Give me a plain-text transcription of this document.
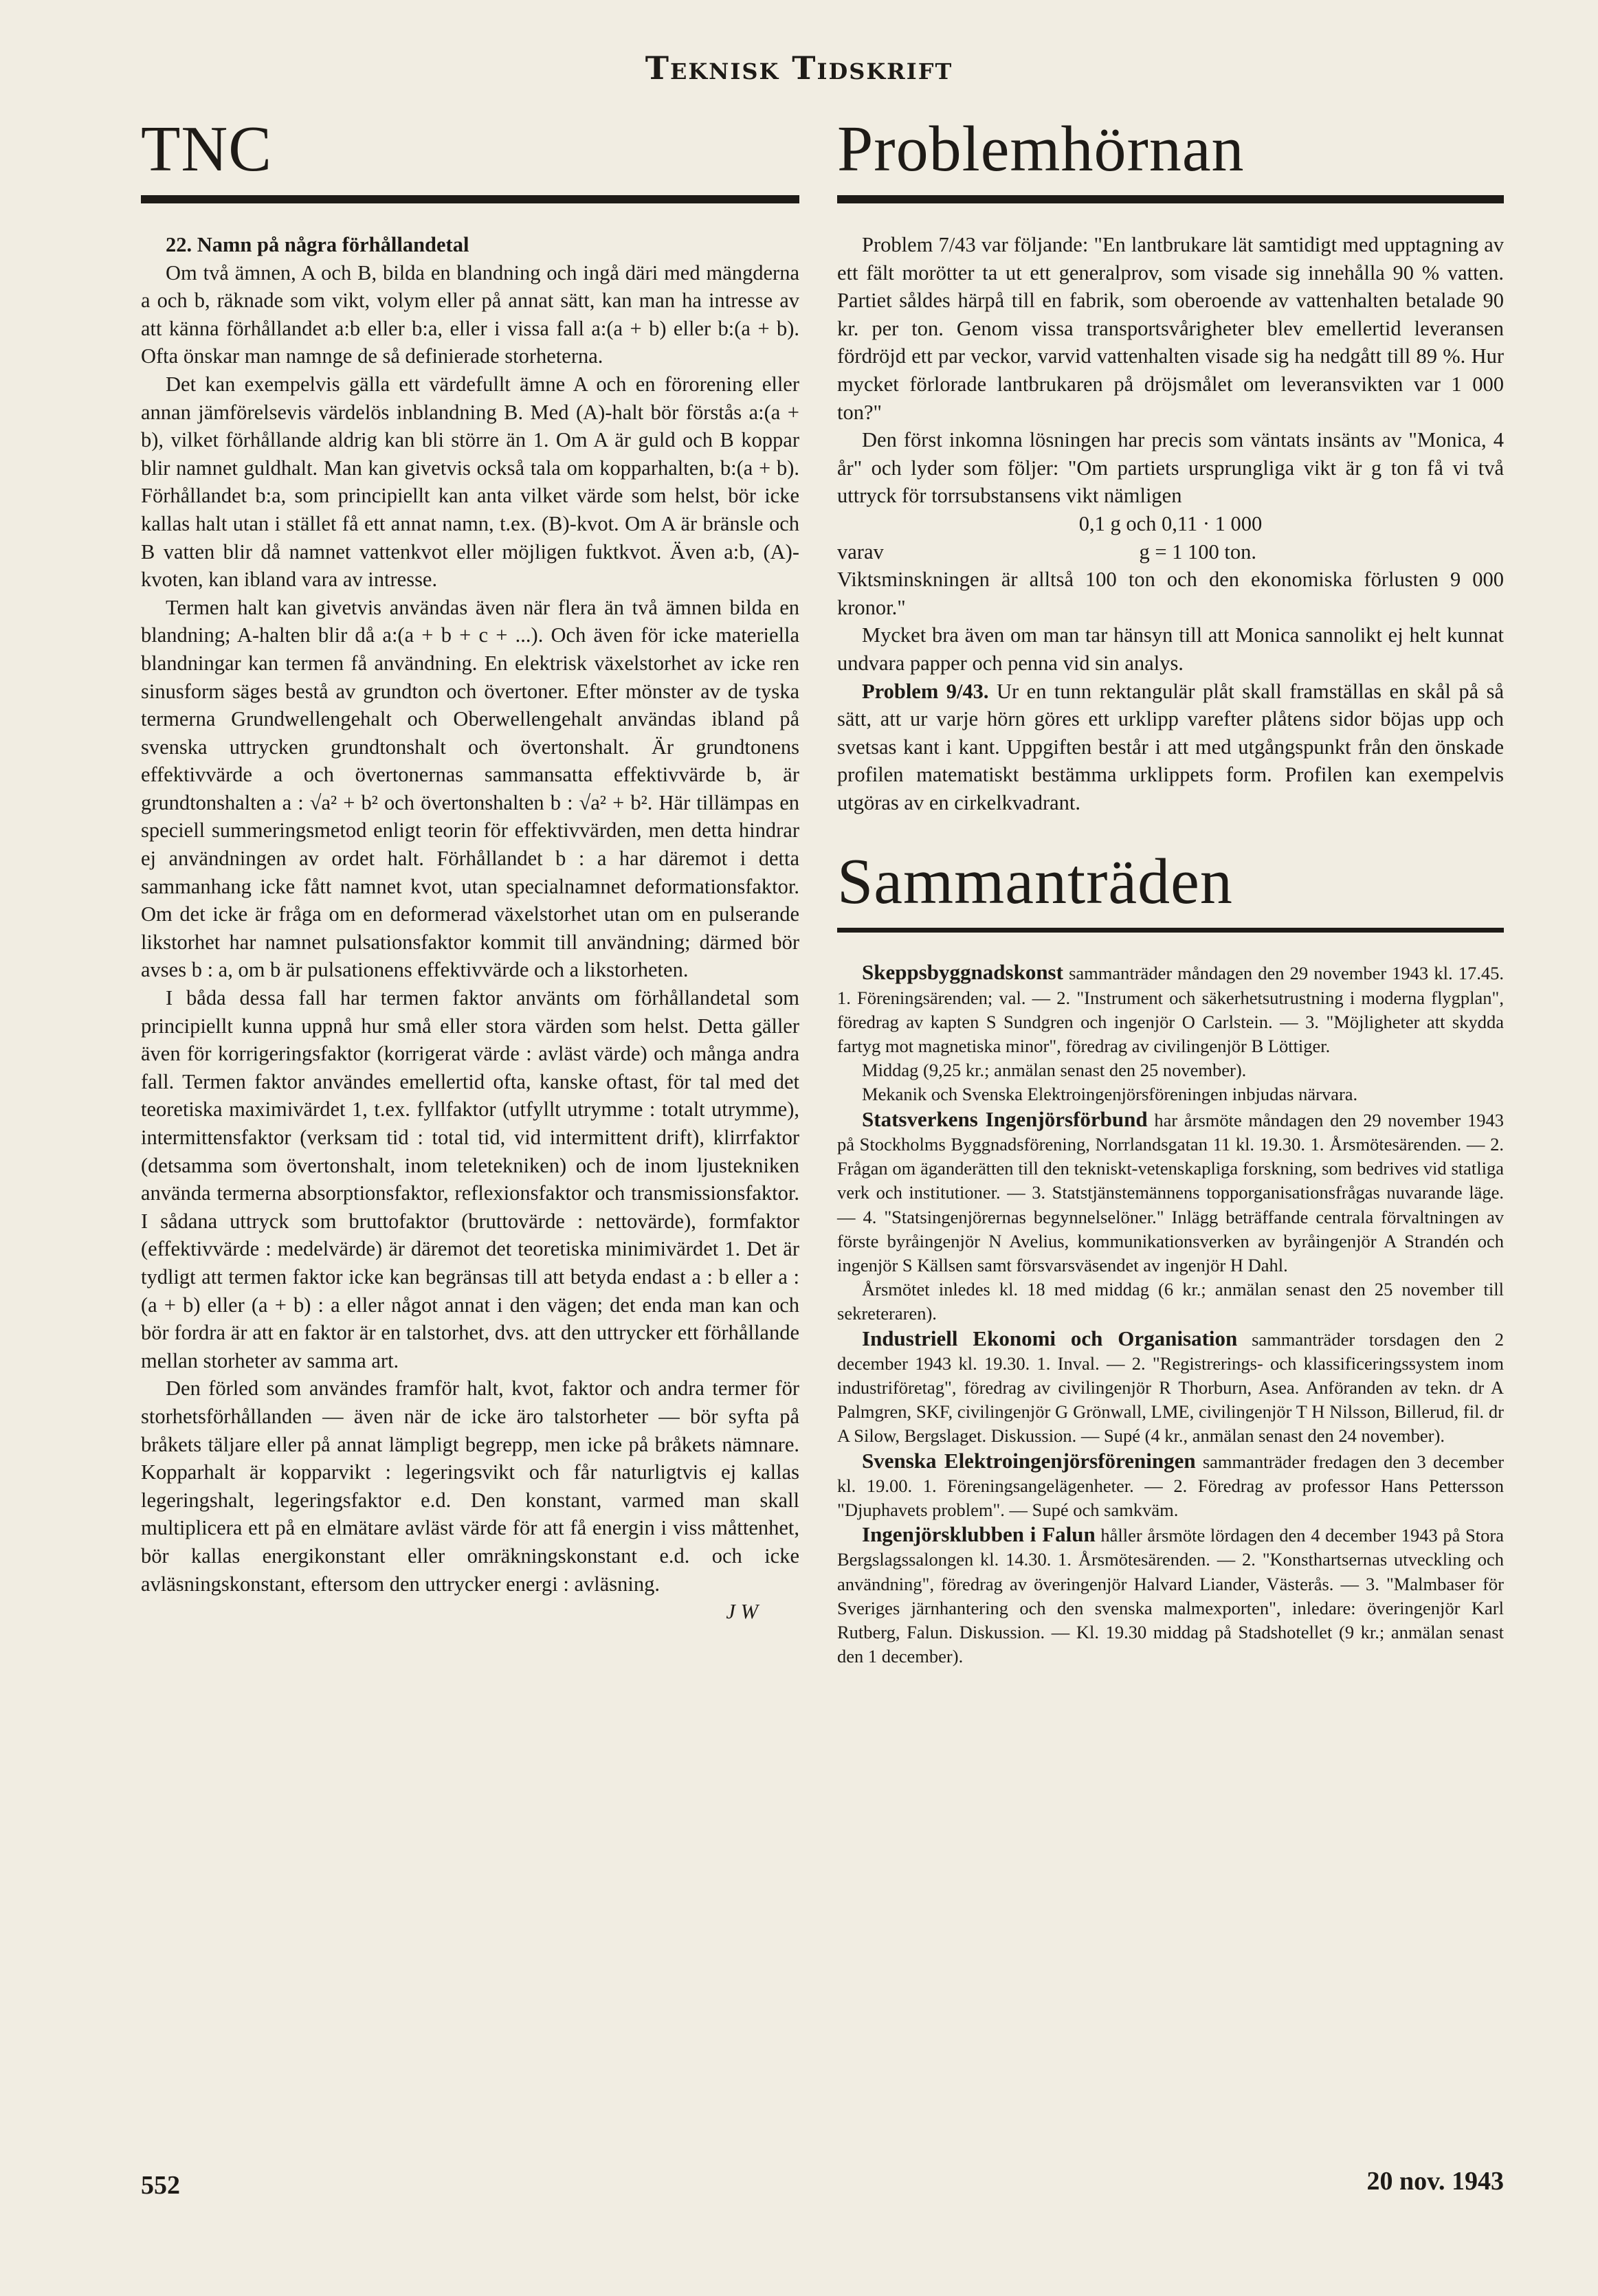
Teknisk Tidskrift
TNC

22. Namn på några förhållandetal

Om två ämnen, A och B, bilda en blandning och ingå däri med mängderna a och b, räknade som vikt, volym eller på annat sätt, kan man ha intresse av att känna förhållandet a:b eller b:a, eller i vissa fall a:(a + b) eller b:(a + b). Ofta önskar man namnge de så definierade storheterna.

Det kan exempelvis gälla ett värdefullt ämne A och en förorening eller annan jämförelsevis värdelös inblandning B. Med (A)-halt bör förstås a:(a + b), vilket förhållande aldrig kan bli större än 1. Om A är guld och B koppar blir namnet guldhalt. Man kan givetvis också tala om kopparhalten, b:(a + b). Förhållandet b:a, som principiellt kan anta vilket värde som helst, bör icke kallas halt utan i stället få ett annat namn, t.ex. (B)-kvot. Om A är bränsle och B vatten blir då namnet vattenkvot eller möjligen fuktkvot. Även a:b, (A)-kvoten, kan ibland vara av intresse.

Termen halt kan givetvis användas även när flera än två ämnen bilda en blandning; A-halten blir då a:(a + b + c + ...). Och även för icke materiella blandningar kan termen få användning. En elektrisk växelstorhet av icke ren sinusform säges bestå av grundton och övertoner. Efter mönster av de tyska termerna Grundwellengehalt och Oberwellengehalt användas ibland på svenska uttrycken grundtonshalt och övertonshalt. Är grundtonens effektivvärde a och övertonernas sammansatta effektivvärde b, är grundtonshalten a : √a² + b² och övertonshalten b : √a² + b². Här tillämpas en speciell summeringsmetod enligt teorin för effektivvärden, men detta hindrar ej användningen av ordet halt. Förhållandet b : a har däremot i detta sammanhang icke fått namnet kvot, utan specialnamnet deformationsfaktor. Om det icke är fråga om en deformerad växelstorhet utan om en pulserande likstorhet har namnet pulsationsfaktor kommit till användning; därmed bör avses b : a, om b är pulsationens effektivvärde och a likstorheten.

I båda dessa fall har termen faktor använts om förhållandetal som principiellt kunna uppnå hur små eller stora värden som helst. Detta gäller även för korrigeringsfaktor (korrigerat värde : avläst värde) och många andra fall. Termen faktor användes emellertid ofta, kanske oftast, för tal med det teoretiska maximivärdet 1, t.ex. fyllfaktor (utfyllt utrymme : totalt utrymme), intermittensfaktor (verksam tid : total tid, vid intermittent drift), klirrfaktor (detsamma som övertonshalt, inom teletekniken) och de inom ljustekniken använda termerna absorptionsfaktor, reflexionsfaktor och transmissionsfaktor. I sådana uttryck som bruttofaktor (bruttovärde : nettovärde), formfaktor (effektivvärde : medelvärde) är däremot det teoretiska minimivärdet 1. Det är tydligt att termen faktor icke kan begränsas till att betyda endast a : b eller a : (a + b) eller (a + b) : a eller något annat i den vägen; det enda man kan och bör fordra är att en faktor är en talstorhet, dvs. att den uttrycker ett förhållande mellan storheter av samma art.

Den förled som användes framför halt, kvot, faktor och andra termer för storhetsförhållanden — även när de icke äro talstorheter — bör syfta på bråkets täljare eller på annat lämpligt begrepp, men icke på bråkets nämnare. Kopparhalt är kopparvikt : legeringsvikt och får naturligtvis ej kallas legeringshalt, legeringsfaktor e.d. Den konstant, varmed man skall multiplicera ett på en elmätare avläst värde för att få energin i viss måttenhet, bör kallas energikonstant eller omräkningskonstant e.d. och icke avläsningskonstant, eftersom den uttrycker energi : avläsning.

J W

Problemhörnan

Problem 7/43 var följande: "En lantbrukare lät samtidigt med upptagning av ett fält morötter ta ut ett generalprov, som visade sig innehålla 90 % vatten. Partiet såldes härpå till en fabrik, som oberoende av vattenhalten betalade 90 kr. per ton. Genom vissa transportsvårigheter blev emellertid leveransen fördröjd ett par veckor, varvid vattenhalten visade sig ha nedgått till 89 %. Hur mycket förlorade lantbrukaren på dröjsmålet om leveransvikten var 1 000 ton?"

Den först inkomna lösningen har precis som väntats insänts av "Monica, 4 år" och lyder som följer: "Om partiets ursprungliga vikt är g ton få vi två uttryck för torrsubstansens vikt nämligen

0,1 g och 0,11 · 1 000

varav	g = 1 100 ton.

Viktsminskningen är alltså 100 ton och den ekonomiska förlusten 9 000 kronor."

Mycket bra även om man tar hänsyn till att Monica sannolikt ej helt kunnat undvara papper och penna vid sin analys.

Problem 9/43. Ur en tunn rektangulär plåt skall framställas en skål på så sätt, att ur varje hörn göres ett urklipp varefter plåtens sidor böjas upp och svetsas kant i kant. Uppgiften består i att med utgångspunkt från den önskade profilen matematiskt bestämma urklippets form. Profilen kan exempelvis utgöras av en cirkelkvadrant.

Sammanträden

Skeppsbyggnadskonst sammanträder måndagen den 29 november 1943 kl. 17.45. 1. Föreningsärenden; val. — 2. "Instrument och säkerhetsutrustning i moderna flygplan", föredrag av kapten S Sundgren och ingenjör O Carlstein. — 3. "Möjligheter att skydda fartyg mot magnetiska minor", föredrag av civilingenjör B Löttiger.

Middag (9,25 kr.; anmälan senast den 25 november).

Mekanik och Svenska Elektroingenjörsföreningen inbjudas närvara.

Statsverkens Ingenjörsförbund har årsmöte måndagen den 29 november 1943 på Stockholms Byggnadsförening, Norrlandsgatan 11 kl. 19.30. 1. Årsmötesärenden. — 2. Frågan om äganderätten till den tekniskt-vetenskapliga forskning, som bedrives vid statliga verk och institutioner. — 3. Statstjänstemännens topporganisationsfrågas nuvarande läge. — 4. "Statsingenjörernas begynnelselöner." Inlägg beträffande centrala förvaltningen av förste byråingenjör N Avelius, kommunikationsverken av byråingenjör A Strandén och ingenjör S Källsen samt försvarsväsendet av ingenjör H Dahl.

Årsmötet inledes kl. 18 med middag (6 kr.; anmälan senast den 25 november till sekreteraren).

Industriell Ekonomi och Organisation sammanträder torsdagen den 2 december 1943 kl. 19.30. 1. Inval. — 2. "Registrerings- och klassificeringssystem inom industriföretag", föredrag av civilingenjör R Thorburn, Asea. Anföranden av tekn. dr A Palmgren, SKF, civilingenjör G Grönwall, LME, civilingenjör T H Nilsson, Billerud, fil. dr A Silow, Bergslaget. Diskussion. — Supé (4 kr., anmälan senast den 24 november).

Svenska Elektroingenjörsföreningen sammanträder fredagen den 3 december kl. 19.00. 1. Föreningsangelägenheter. — 2. Föredrag av professor Hans Pettersson "Djuphavets problem". — Supé och samkväm.

Ingenjörsklubben i Falun håller årsmöte lördagen den 4 december 1943 på Stora Bergslagssalongen kl. 14.30. 1. Årsmötesärenden. — 2. "Konsthartsernas utveckling och användning", föredrag av överingenjör Halvard Liander, Västerås. — 3. "Malmbaser för Sveriges järnhantering och den svenska malmexporten", inledare: överingenjör Karl Rutberg, Falun. Diskussion. — Kl. 19.30 middag på Stadshotellet (9 kr.; anmälan senast den 1 december).

552	20 nov. 1943
